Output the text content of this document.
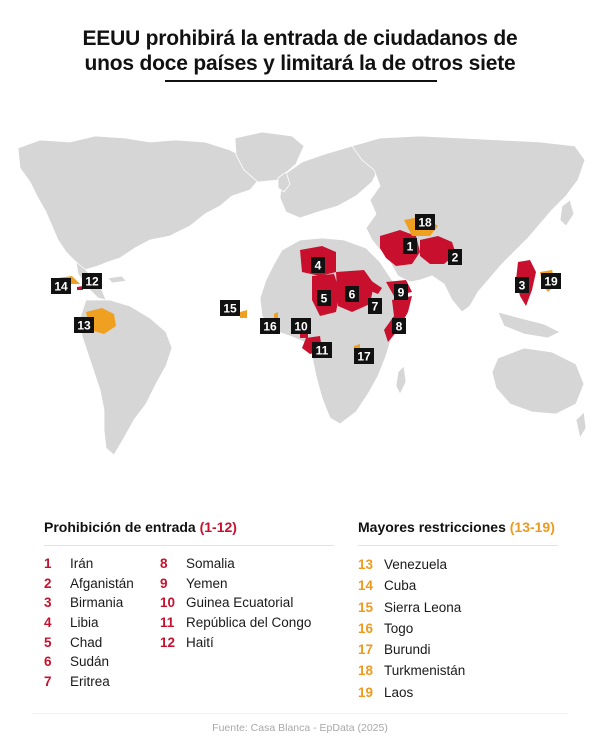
EEUU prohibirá la entrada de ciudadanos de
unos doce países y limitará la de otros siete
1
2
3
4
5 6
7
8
9
10
11
12
13
14
15
16
17
18
19
Prohibición de entrada (1-12)
1	Irán
2	Afganistán
3	Birmania
4	Libia
5	Chad
6	Sudán
7	Eritrea
8	Somalia
9	Yemen
10 Guinea Ecuatorial
11 República del Congo
12 Haití
Mayores restricciones (13-19)
13 Venezuela
14 Cuba
15 Sierra Leona
16 Togo
17 Burundi
18 Turkmenistán
19 Laos
Fuente: Casa Blanca - EpData (2025)
